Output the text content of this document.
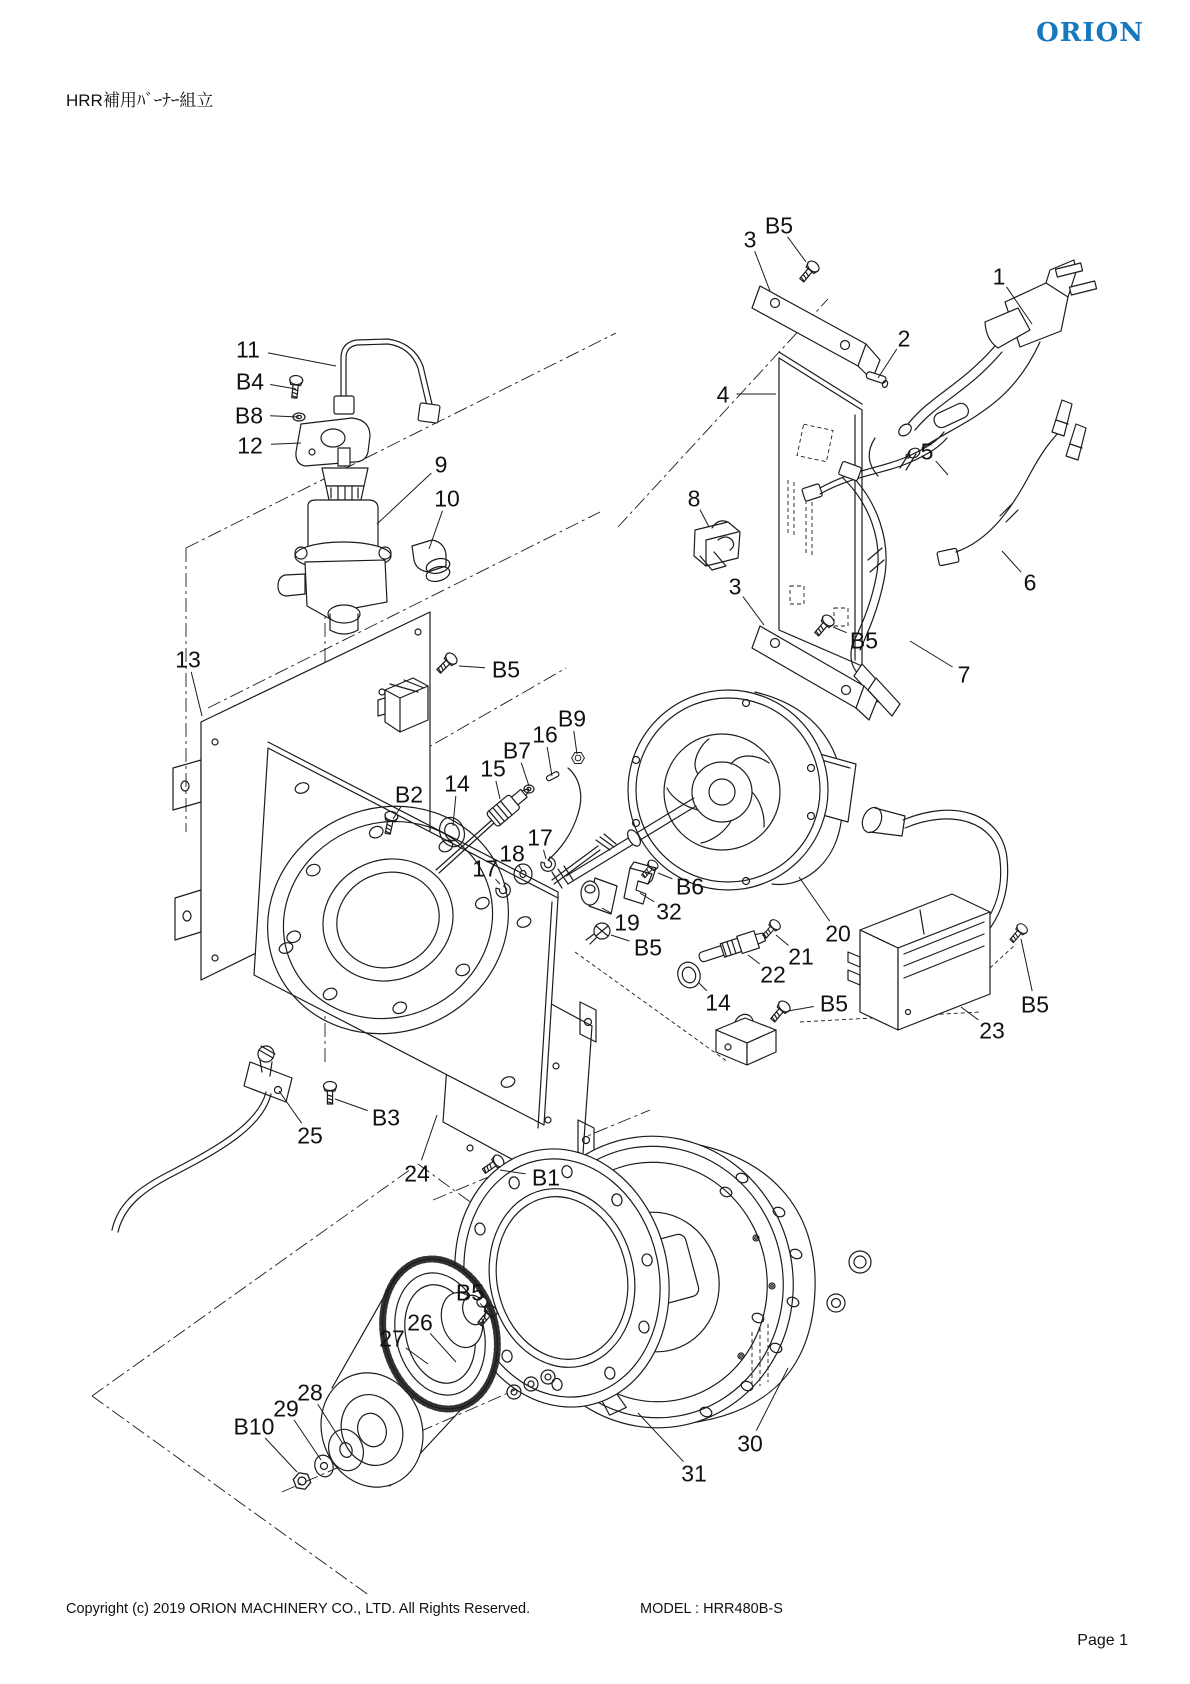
ORION
HRR補用ﾊﾞｰﾅｰ組立
Copyright (c) 2019 ORION MACHINERY CO., LTD. All Rights Reserved.	MODEL : HRR480B-S
Page 1
3
B5
1
2
4
5
6
8
11
B4
B8
12
9
10
3
B5
7
13	B5
B2 14
15
B7
16
B9
17
18
17
19 32
B6
B5
20
21
22
14	B5
23
B5
25
B3
24	B1
B5
26
27
28
29
B10
30
31
